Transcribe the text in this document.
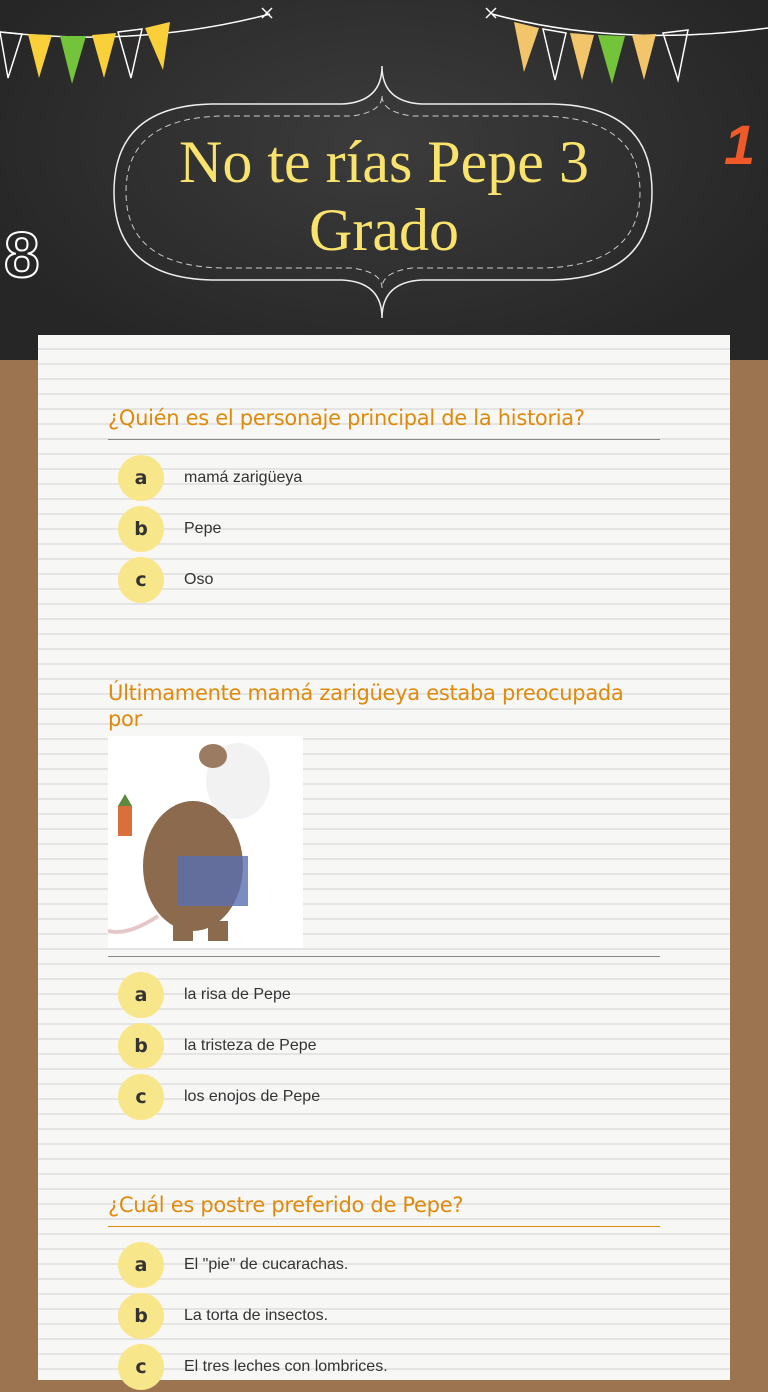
No te rías Pepe 3 Grado
8
1
¿Quién es el personaje principal de la historia?
a	mamá zarigüeya
b	Pepe
c	Oso
Últimamente mamá zarigüeya estaba preocupada por
a	la risa de Pepe
b	la tristeza de Pepe
c	los enojos de Pepe
¿Cuál es postre preferido de Pepe?
a	El "pie" de cucarachas.
b	La torta de insectos.
c	El tres leches con lombrices.
